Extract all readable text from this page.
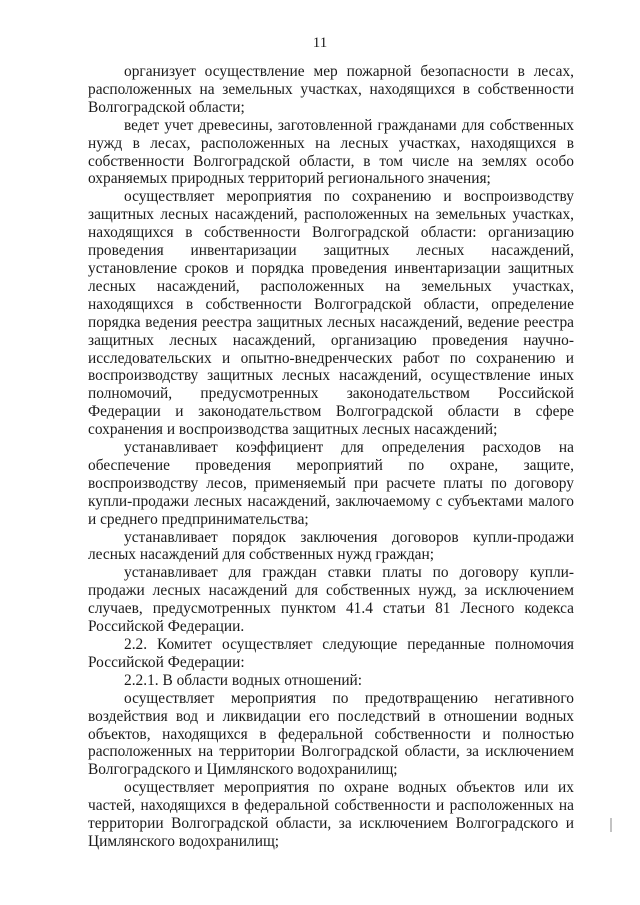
11

организует осуществление мер пожарной безопасности в лесах, расположенных на земельных участках, находящихся в собственности Волгоградской области;

ведет учет древесины, заготовленной гражданами для собственных нужд в лесах, расположенных на лесных участках, находящихся в собственности Волгоградской области, в том числе на землях особо охраняемых природных территорий регионального значения;

осуществляет мероприятия по сохранению и воспроизводству защитных лесных насаждений, расположенных на земельных участках, находящихся в собственности Волгоградской области: организацию проведения инвентаризации защитных лесных насаждений, установление сроков и порядка проведения инвентаризации защитных лесных насаждений, расположенных на земельных участках, находящихся в собственности Волгоградской области, определение порядка ведения реестра защитных лесных насаждений, ведение реестра защитных лесных насаждений, организацию проведения научно-исследовательских и опытно-внедренческих работ по сохранению и воспроизводству защитных лесных насаждений, осуществление иных полномочий, предусмотренных законодательством Российской Федерации и законодательством Волгоградской области в сфере сохранения и воспроизводства защитных лесных насаждений;

устанавливает коэффициент для определения расходов на обеспечение проведения мероприятий по охране, защите, воспроизводству лесов, применяемый при расчете платы по договору купли-продажи лесных насаждений, заключаемому с субъектами малого и среднего предпринимательства;

устанавливает порядок заключения договоров купли-продажи лесных насаждений для собственных нужд граждан;

устанавливает для граждан ставки платы по договору купли-продажи лесных насаждений для собственных нужд, за исключением случаев, предусмотренных пунктом 41.4 статьи 81 Лесного кодекса Российской Федерации.

2.2. Комитет осуществляет следующие переданные полномочия Российской Федерации:

2.2.1. В области водных отношений:

осуществляет мероприятия по предотвращению негативного воздействия вод и ликвидации его последствий в отношении водных объектов, находящихся в федеральной собственности и полностью расположенных на территории Волгоградской области, за исключением Волгоградского и Цимлянского водохранилищ;

осуществляет мероприятия по охране водных объектов или их частей, находящихся в федеральной собственности и расположенных на территории Волгоградской области, за исключением Волгоградского и Цимлянского водохранилищ;
